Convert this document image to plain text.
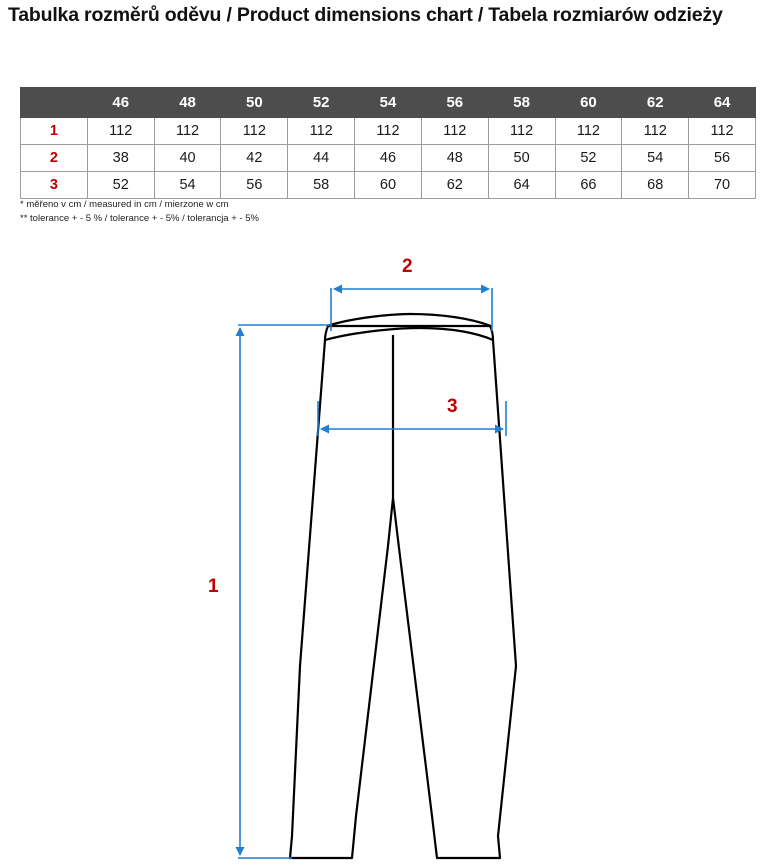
Tabulka rozměrů oděvu / Product dimensions chart / Tabela rozmiarów odzieży
	46	48	50	52	54	56	58	60	62	64
1	112	112	112	112	112	112	112	112	112	112
2	38	40	42	44	46	48	50	52	54	56
3	52	54	56	58	60	62	64	66	68	70
* měřeno v cm / measured in cm / mierzone w cm
** tolerance + - 5 % / tolerance + - 5% / tolerancja + - 5%
2
3
1
